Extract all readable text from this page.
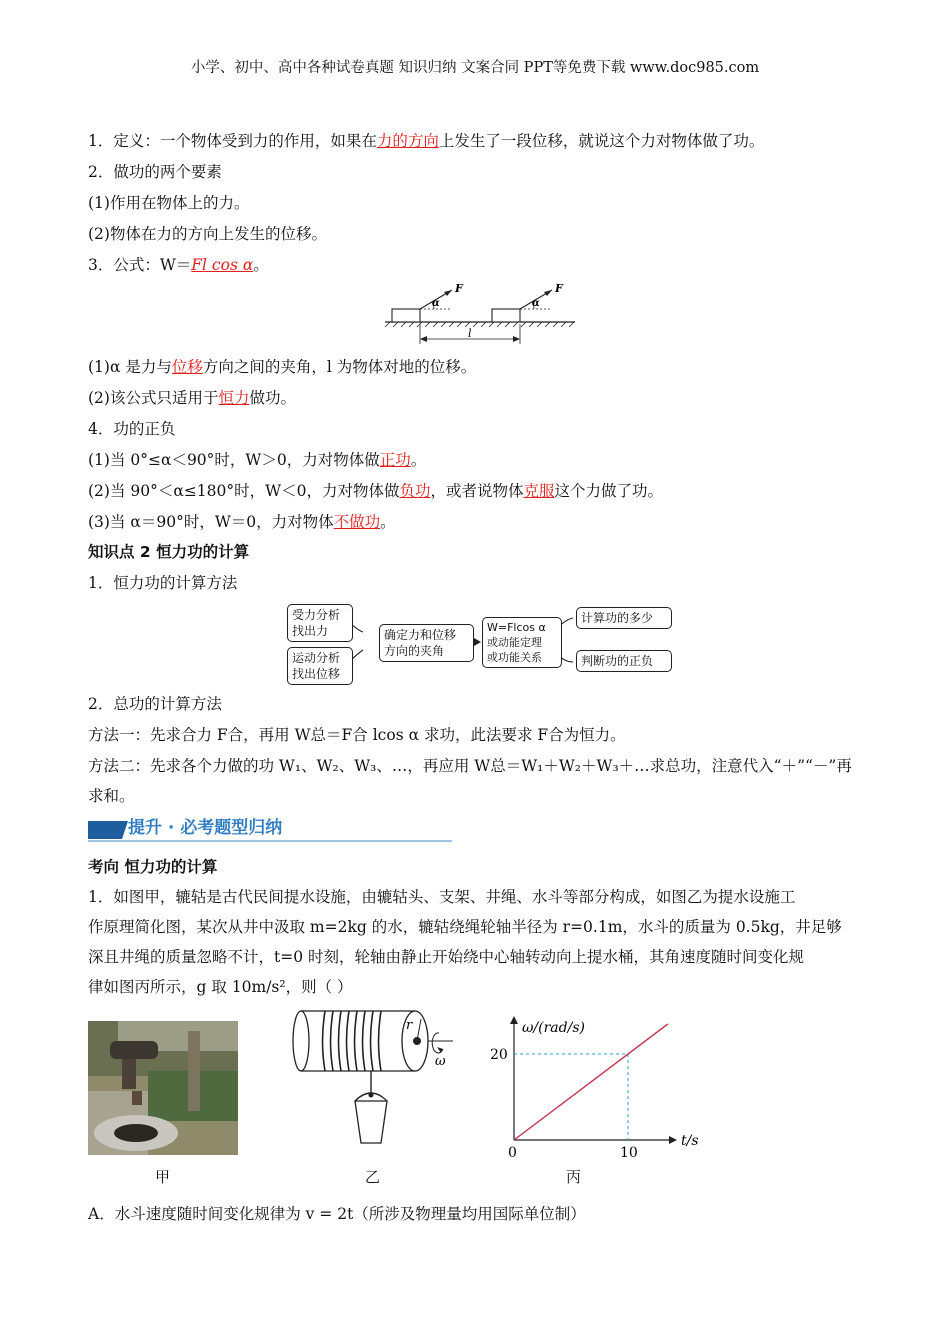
小学、初中、高中各种试卷真题 知识归纳 文案合同 PPT等免费下载 www.doc985.com
1．定义：一个物体受到力的作用，如果在力的方向上发生了一段位移，就说这个力对物体做了功。
2．做功的两个要素
(1)作用在物体上的力。
(2)物体在力的方向上发生的位移。
3．公式：W＝Fl cos α。
F	F
α	α
l
(1)α 是力与位移方向之间的夹角，l 为物体对地的位移。
(2)该公式只适用于恒力做功。
4．功的正负
(1)当 0°≤α＜90°时，W＞0，力对物体做正功。
(2)当 90°＜α≤180°时，W＜0，力对物体做负功，或者说物体克服这个力做了功。
(3)当 α＝90°时，W＝0，力对物体不做功。
知识点 2 恒力功的计算
1．恒力功的计算方法
受力分析
找出力
运动分析
找出位移
确定力和位移
方向的夹角
W=Flcos α
或动能定理
或功能关系
计算功的多少
判断功的正负
2．总功的计算方法
方法一：先求合力 F合，再用 W总＝F合 lcos α 求功，此法要求 F合为恒力。
方法二：先求各个力做的功 W₁、W₂、W₃、…，再应用 W总＝W₁＋W₂＋W₃＋…求总功，注意代入“＋”“－”再
求和。
提升 · 必考题型归纳
考向 恒力功的计算
1．如图甲，辘轱是古代民间提水设施，由辘轱头、支架、井绳、水斗等部分构成，如图乙为提水设施工
作原理简化图，某次从井中汲取 m=2kg 的水，辘轱绕绳轮轴半径为 r=0.1m，水斗的质量为 0.5kg，井足够
深且井绳的质量忽略不计，t=0 时刻，轮轴由静止开始绕中心轴转动向上提水桶，其角速度随时间变化规
律如图丙所示，g 取 10m/s²，则（ ）
r
ω
ω/(rad/s)
t/s
0	10
20
甲	乙	丙
A．水斗速度随时间变化规律为 v = 2t（所涉及物理量均用国际单位制）
